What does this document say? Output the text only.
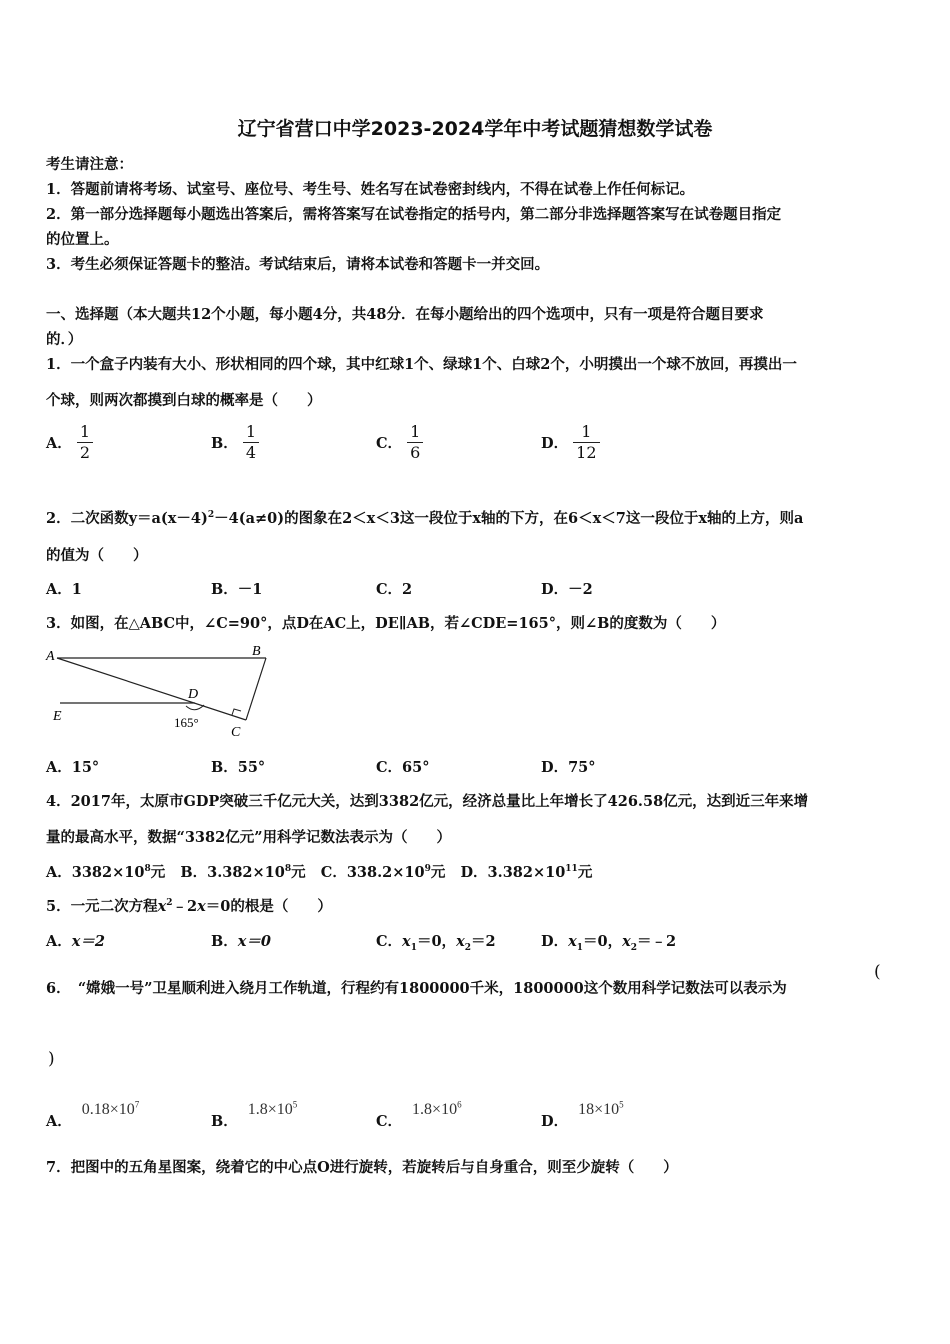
辽宁省营口中学2023-2024学年中考试题猜想数学试卷
考生请注意：
1．答题前请将考场、试室号、座位号、考生号、姓名写在试卷密封线内，不得在试卷上作任何标记。
2．第一部分选择题每小题选出答案后，需将答案写在试卷指定的括号内，第二部分非选择题答案写在试卷题目指定
的位置上。
3．考生必须保证答题卡的整洁。考试结束后，请将本试卷和答题卡一并交回。
一、选择题（本大题共12个小题，每小题4分，共48分．在每小题给出的四个选项中，只有一项是符合题目要求
的．）
1．一个盒子内装有大小、形状相同的四个球，其中红球1个、绿球1个、白球2个，小明摸出一个球不放回，再摸出一
个球，则两次都摸到白球的概率是（　　）
A． $\frac{1}{2}$	B． $\frac{1}{4}$	C． $\frac{1}{6}$	D． $\frac{1}{12}$
2．二次函数$y=a(x-4)^2-4(a\ne 0)$的图象在2＜x＜3这一段位于x轴的下方，在6＜x＜7这一段位于x轴的上方，则a
的值为（　　）
A．1	B．－1	C．2	D．－2
3．如图，在△ABC中，∠C=90°，点D在AC上，DE∥AB，若∠CDE=165°，则∠B的度数为（　　）
A	B
C
D
E	165°
A．15°	B．55°	C．65°	D．75°
4．2017年，太原市GDP突破三千亿元大关，达到3382亿元，经济总量比上年增长了426.58亿元，达到近三年来增
量的最高水平，数据“3382亿元”用科学记数法表示为（　　）
A．$3382\times 10^8$元 B．$3.382\times 10^8$元 C．$338.2\times 10^9$元 D．$3.382\times 10^{11}$元
5．一元二次方程$x^2﹣2x=0$的根是（　　）
A．x＝2	B．x＝0	C．$x_1=0$，$x_2=2$	D．$x_1=0$，$x_2=﹣2$
6．　“嫦娥一号”卫星顺利进入绕月工作轨道，行程约有1800000千米，1800000这个数用科学记数法可以表示为
(
)
A．$0.18\times 10^7$
B．$1.8\times 10^5$
C．$1.8\times 10^6$
D．$18\times 10^5$
7．把图中的五角星图案，绕着它的中心点O进行旋转，若旋转后与自身重合，则至少旋转（　　）
